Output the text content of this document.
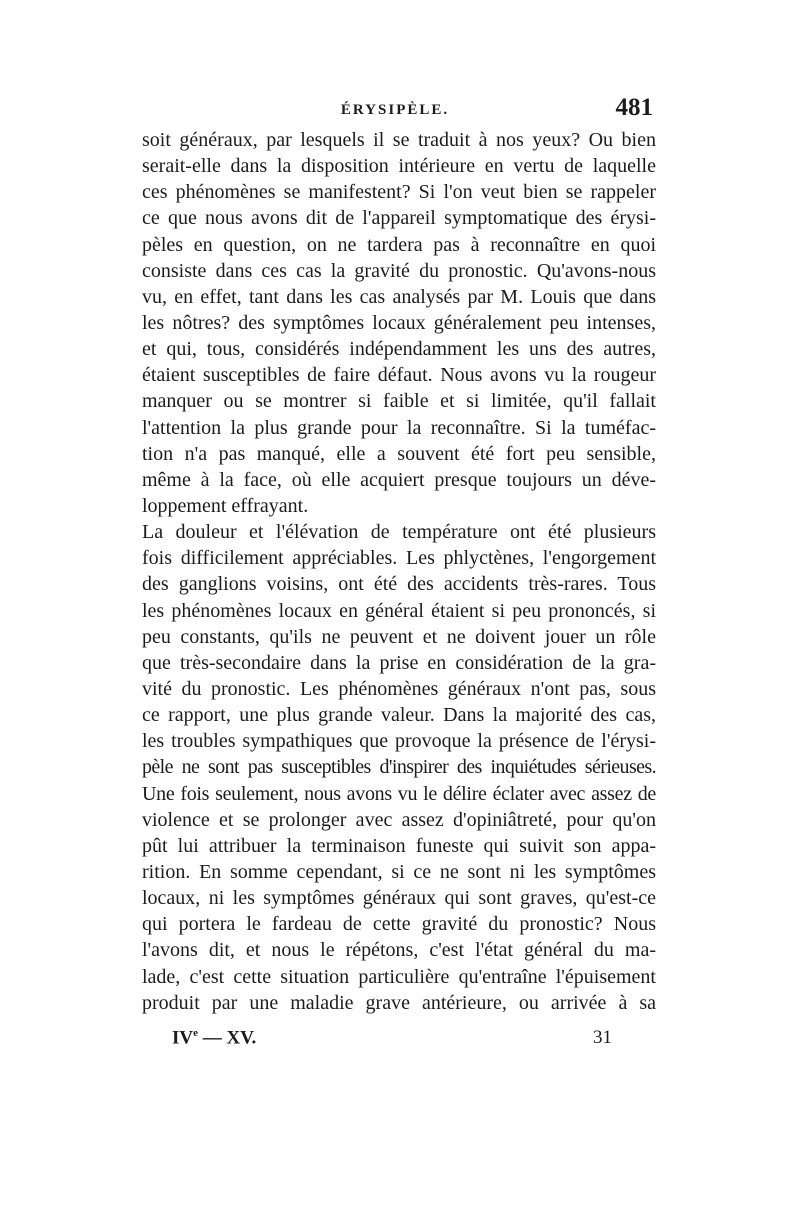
ÉRYSIPÈLE.	481
soit généraux, par lesquels il se traduit à nos yeux? Ou bien
serait-elle dans la disposition intérieure en vertu de laquelle
ces phénomènes se manifestent? Si l'on veut bien se rappeler
ce que nous avons dit de l'appareil symptomatique des érysi-
pèles en question, on ne tardera pas à reconnaître en quoi
consiste dans ces cas la gravité du pronostic. Qu'avons-nous
vu, en effet, tant dans les cas analysés par M. Louis que dans
les nôtres? des symptômes locaux généralement peu intenses,
et qui, tous, considérés indépendamment les uns des autres,
étaient susceptibles de faire défaut. Nous avons vu la rougeur
manquer ou se montrer si faible et si limitée, qu'il fallait
l'attention la plus grande pour la reconnaître. Si la tuméfac-
tion n'a pas manqué, elle a souvent été fort peu sensible,
même à la face, où elle acquiert presque toujours un déve-
loppement effrayant.
La douleur et l'élévation de température ont été plusieurs
fois difficilement appréciables. Les phlyctènes, l'engorgement
des ganglions voisins, ont été des accidents très-rares. Tous
les phénomènes locaux en général étaient si peu prononcés, si
peu constants, qu'ils ne peuvent et ne doivent jouer un rôle
que très-secondaire dans la prise en considération de la gra-
vité du pronostic. Les phénomènes généraux n'ont pas, sous
ce rapport, une plus grande valeur. Dans la majorité des cas,
les troubles sympathiques que provoque la présence de l'érysi-
pèle ne sont pas susceptibles d'inspirer des inquiétudes sérieuses.
Une fois seulement, nous avons vu le délire éclater avec assez de
violence et se prolonger avec assez d'opiniâtreté, pour qu'on
pût lui attribuer la terminaison funeste qui suivit son appa-
rition. En somme cependant, si ce ne sont ni les symptômes
locaux, ni les symptômes généraux qui sont graves, qu'est-ce
qui portera le fardeau de cette gravité du pronostic? Nous
l'avons dit, et nous le répétons, c'est l'état général du ma-
lade, c'est cette situation particulière qu'entraîne l'épuisement
produit par une maladie grave antérieure, ou arrivée à sa
IVe — XV.	31
